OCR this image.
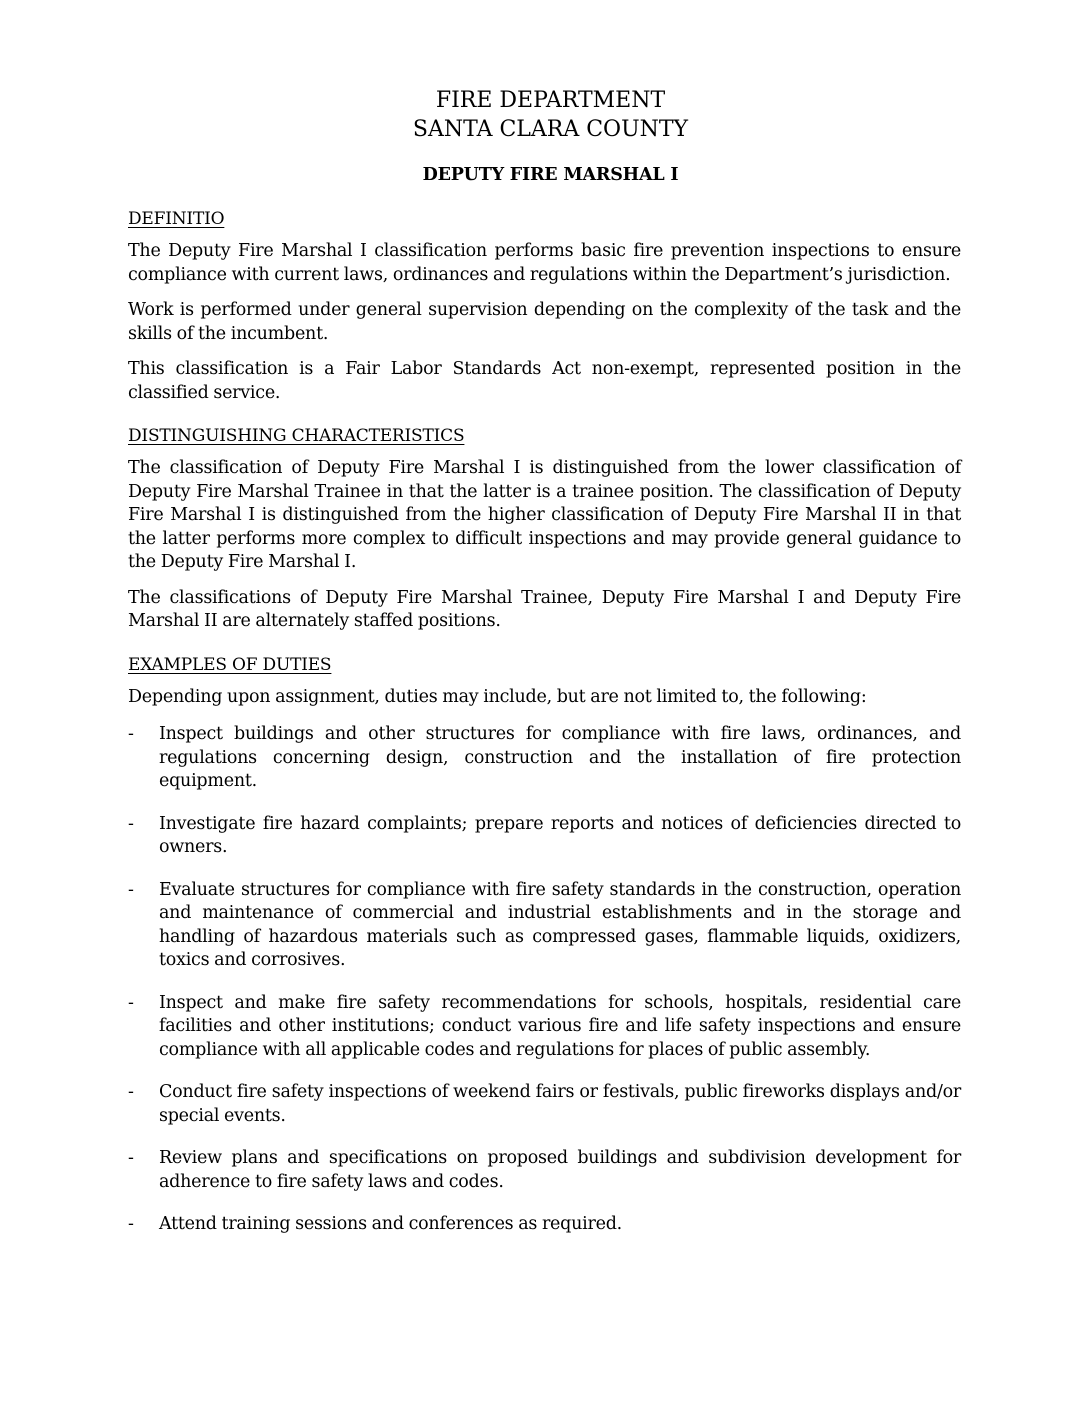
FIRE DEPARTMENT
SANTA CLARA COUNTY
DEPUTY FIRE MARSHAL I
DEFINITIO

The Deputy Fire Marshal I classification performs basic fire prevention inspections to ensure compliance with current laws, ordinances and regulations within the Department’s jurisdiction.

Work is performed under general supervision depending on the complexity of the task and the skills of the incumbent.

This classification is a Fair Labor Standards Act non-exempt, represented position in the classified service.

DISTINGUISHING CHARACTERISTICS

The classification of Deputy Fire Marshal I is distinguished from the lower classification of Deputy Fire Marshal Trainee in that the latter is a trainee position. The classification of Deputy Fire Marshal I is distinguished from the higher classification of Deputy Fire Marshal II in that the latter performs more complex to difficult inspections and may provide general guidance to the Deputy Fire Marshal I.

The classifications of Deputy Fire Marshal Trainee, Deputy Fire Marshal I and Deputy Fire Marshal II are alternately staffed positions.

EXAMPLES OF DUTIES

Depending upon assignment, duties may include, but are not limited to, the following:

- Inspect buildings and other structures for compliance with fire laws, ordinances, and regulations concerning design, construction and the installation of fire protection equipment.
- Investigate fire hazard complaints; prepare reports and notices of deficiencies directed to owners.
- Evaluate structures for compliance with fire safety standards in the construction, operation and maintenance of commercial and industrial establishments and in the storage and handling of hazardous materials such as compressed gases, flammable liquids, oxidizers, toxics and corrosives.
- Inspect and make fire safety recommendations for schools, hospitals, residential care facilities and other institutions; conduct various fire and life safety inspections and ensure compliance with all applicable codes and regulations for places of public assembly.
- Conduct fire safety inspections of weekend fairs or festivals, public fireworks displays and/or special events.
- Review plans and specifications on proposed buildings and subdivision development for adherence to fire safety laws and codes.
- Attend training sessions and conferences as required.
